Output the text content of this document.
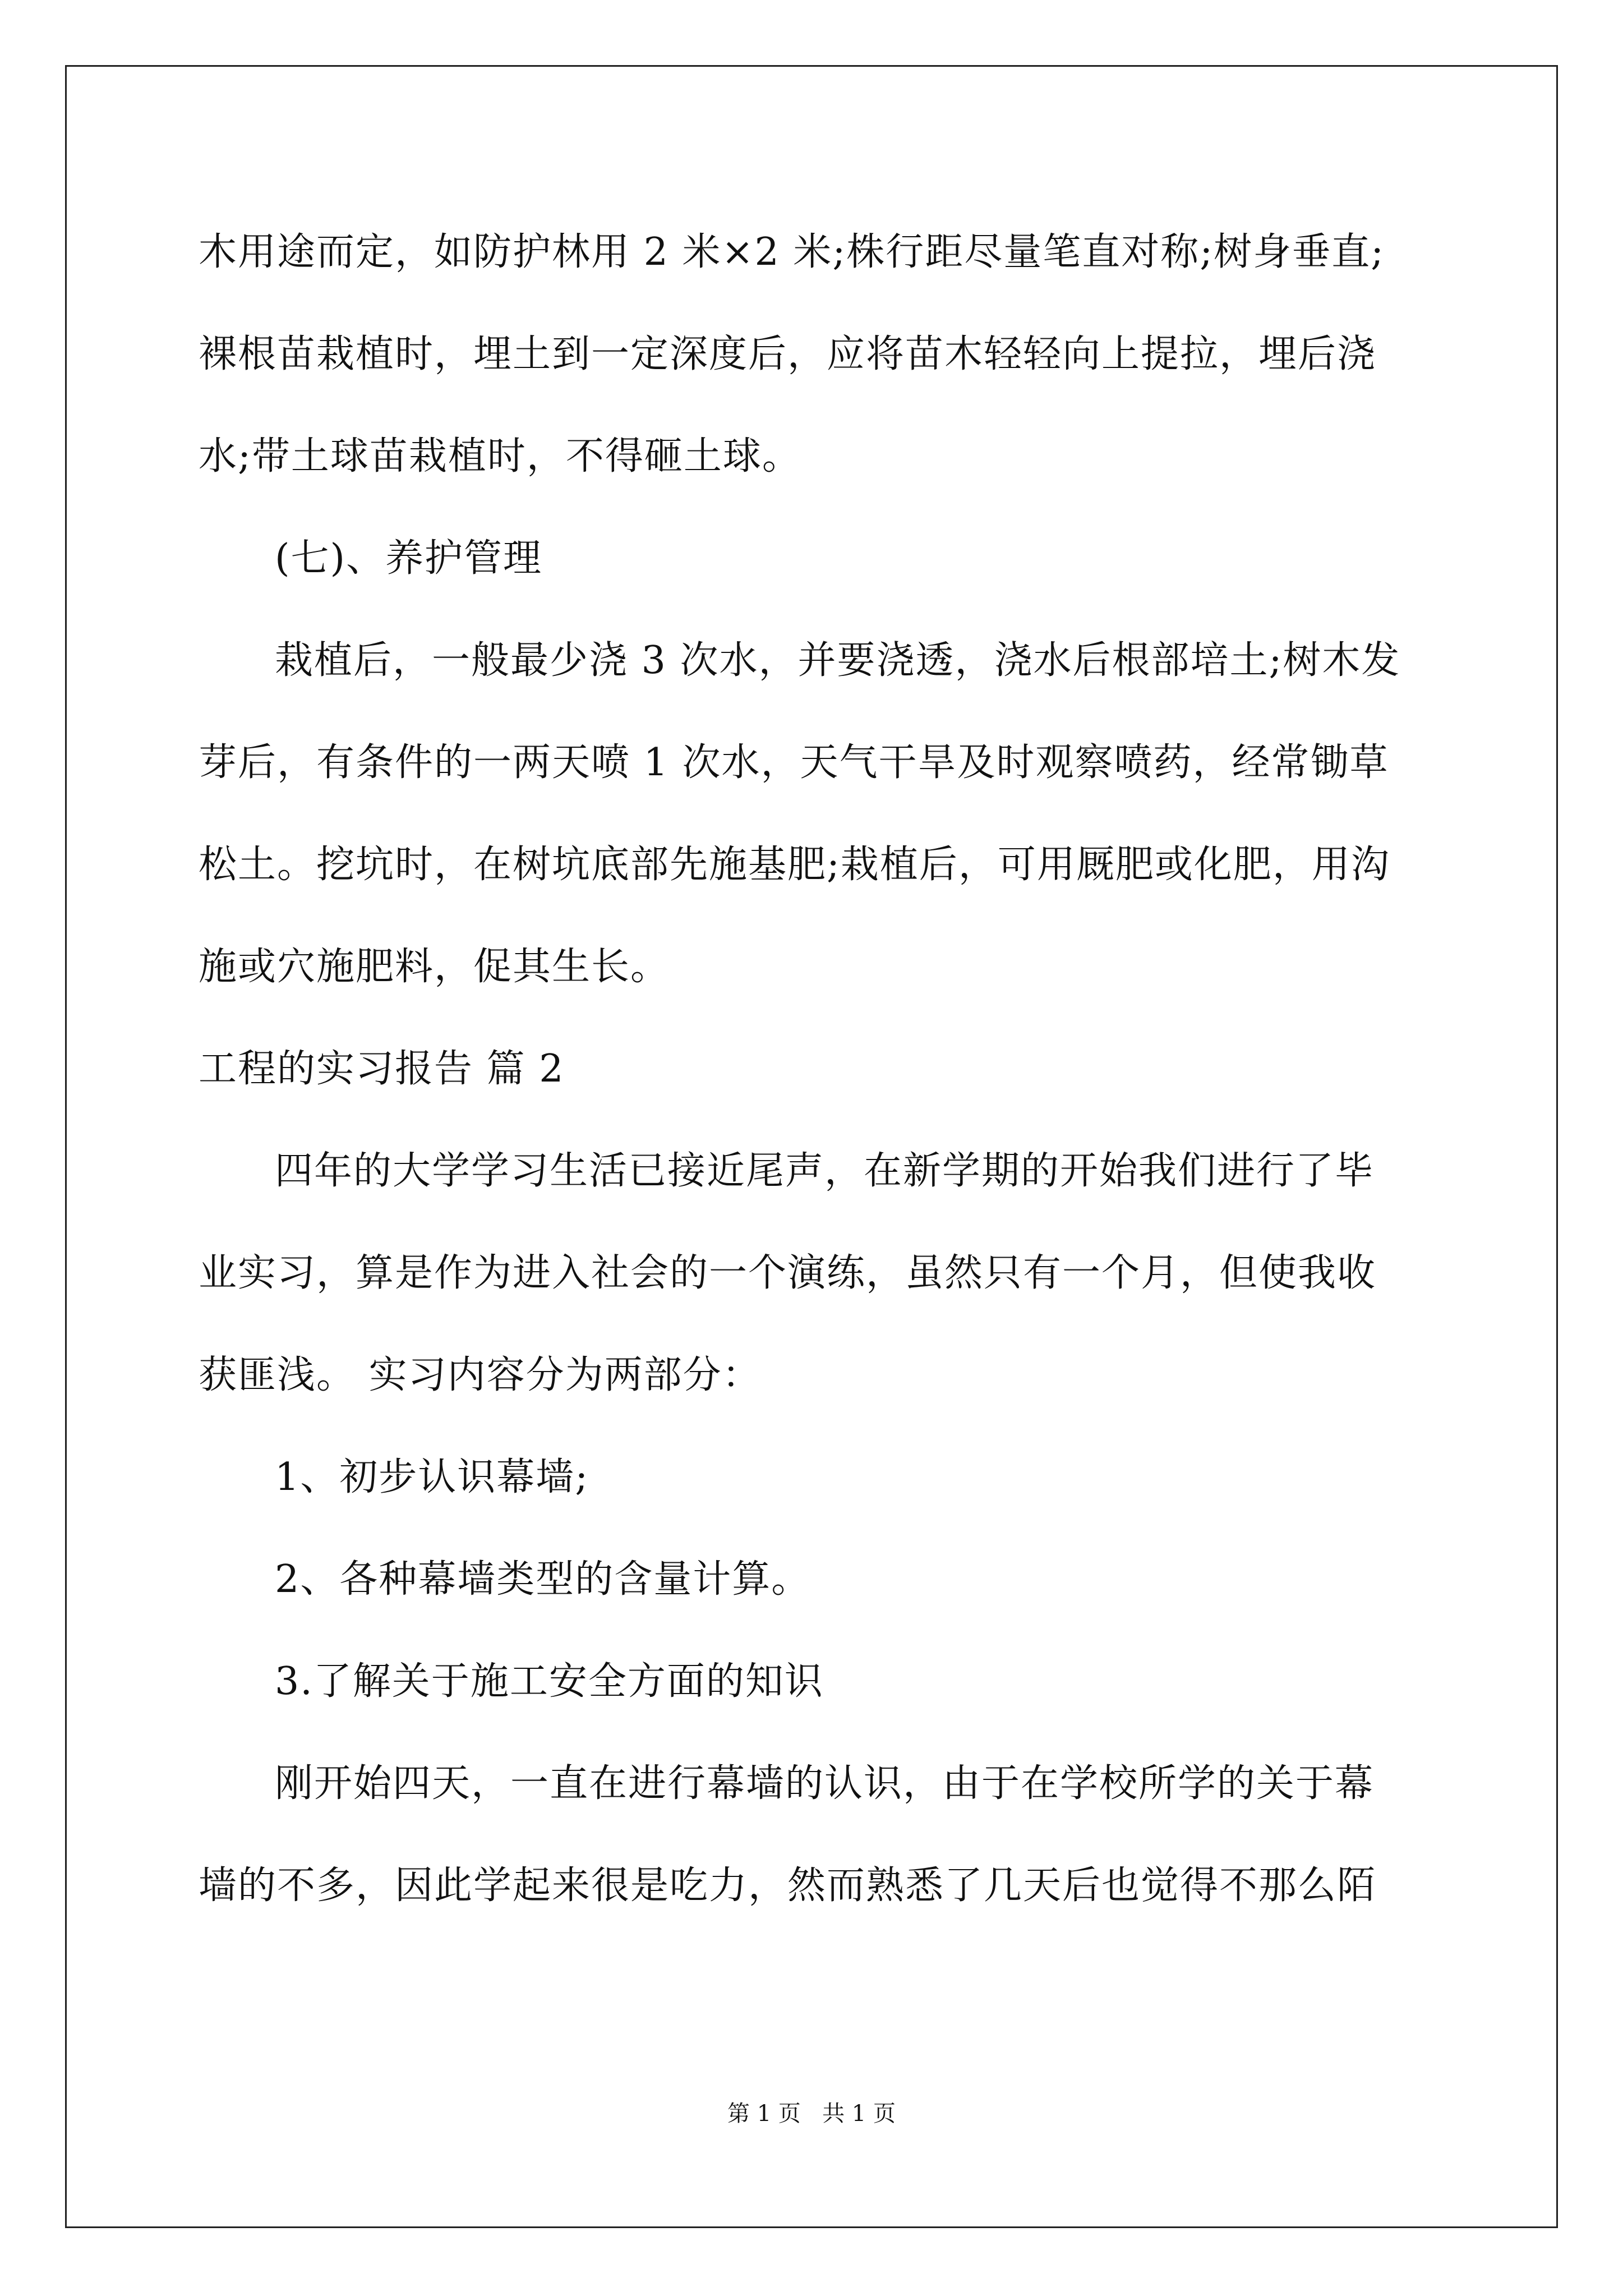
木用途而定，如防护林用 2 米×2 米;株行距尽量笔直对称;树身垂直;
裸根苗栽植时，埋土到一定深度后，应将苗木轻轻向上提拉，埋后浇
水;带土球苗栽植时，不得砸土球。
(七)、养护管理
栽植后，一般最少浇 3 次水，并要浇透，浇水后根部培土;树木发
芽后，有条件的一两天喷 1 次水，天气干旱及时观察喷药，经常锄草
松土。挖坑时，在树坑底部先施基肥;栽植后，可用厩肥或化肥，用沟
施或穴施肥料，促其生长。
工程的实习报告 篇 2
四年的大学学习生活已接近尾声，在新学期的开始我们进行了毕
业实习，算是作为进入社会的一个演练，虽然只有一个月，但使我收
获匪浅。 实习内容分为两部分：
1、初步认识幕墙;
2、各种幕墙类型的含量计算。
3.了解关于施工安全方面的知识
刚开始四天，一直在进行幕墙的认识，由于在学校所学的关于幕
墙的不多，因此学起来很是吃力，然而熟悉了几天后也觉得不那么陌
第 1 页   共 1 页
